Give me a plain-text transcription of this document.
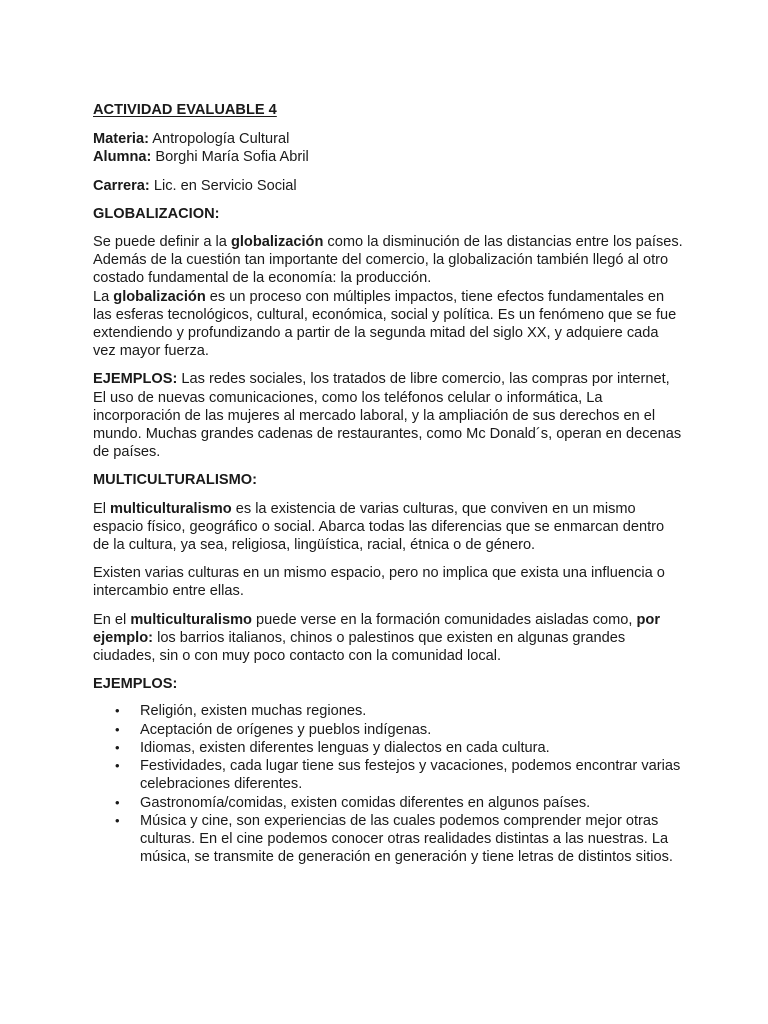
ACTIVIDAD EVALUABLE 4
Materia: Antropología Cultural
Alumna: Borghi María Sofia Abril
Carrera: Lic. en Servicio Social
GLOBALIZACION:

Se puede definir a la globalización como la disminución de las distancias entre los países. Además de la cuestión tan importante del comercio, la globalización también llegó al otro costado fundamental de la economía: la producción.
La globalización es un proceso con múltiples impactos, tiene efectos fundamentales en las esferas tecnológicos, cultural, económica, social y política. Es un fenómeno que se fue extendiendo y profundizando a partir de la segunda mitad del siglo XX, y adquiere cada vez mayor fuerza.

EJEMPLOS: Las redes sociales, los tratados de libre comercio, las compras por internet, El uso de nuevas comunicaciones, como los teléfonos celular o informática, La incorporación de las mujeres al mercado laboral, y la ampliación de sus derechos en el mundo. Muchas grandes cadenas de restaurantes, como Mc Donald´s, operan en decenas de países.

MULTICULTURALISMO:

El multiculturalismo es la existencia de varias culturas, que conviven en un mismo espacio físico, geográfico o social. Abarca todas las diferencias que se enmarcan dentro de la cultura, ya sea, religiosa, lingüística, racial, étnica o de género.

Existen varias culturas en un mismo espacio, pero no implica que exista una influencia o intercambio entre ellas.

En el multiculturalismo puede verse en la formación comunidades aisladas como, por ejemplo: los barrios italianos, chinos o palestinos que existen en algunas grandes ciudades, sin o con muy poco contacto con la comunidad local.

EJEMPLOS:
• Religión, existen muchas regiones.
• Aceptación de orígenes y pueblos indígenas.
• Idiomas, existen diferentes lenguas y dialectos en cada cultura.
• Festividades, cada lugar tiene sus festejos y vacaciones, podemos encontrar varias celebraciones diferentes.
• Gastronomía/comidas, existen comidas diferentes en algunos países.
• Música y cine, son experiencias de las cuales podemos comprender mejor otras culturas. En el cine podemos conocer otras realidades distintas a las nuestras. La música, se transmite de generación en generación y tiene letras de distintos sitios.
